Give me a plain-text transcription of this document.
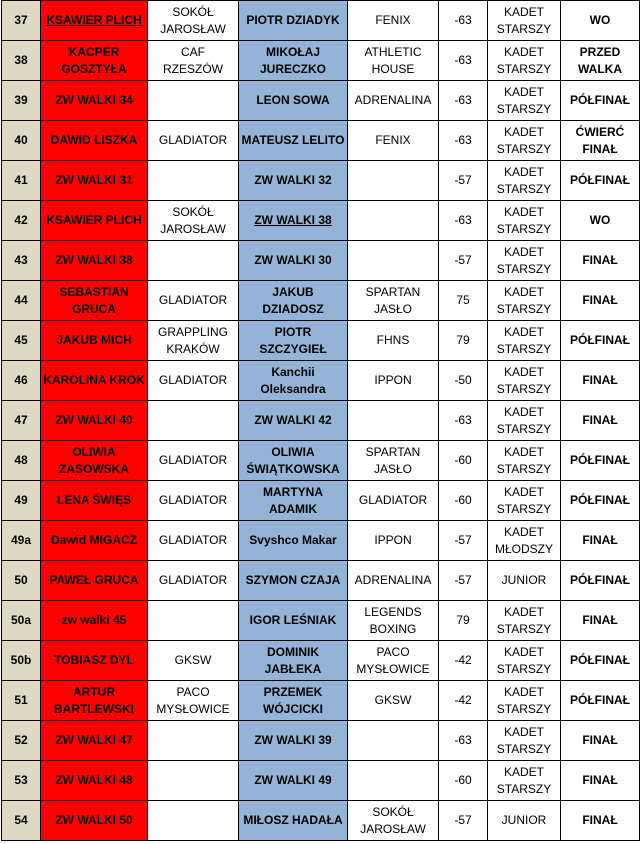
37	KSAWIER PLICH	SOKÓŁ
JAROSŁAW	PIOTR DZIADYK	FENIX	-63	KADET
STARSZY	WO

38	KACPER
GOSZTYŁA	CAF RZESZÓW	MIKOŁAJ
JURECZKO	ATHLETIC
HOUSE	-63	KADET
STARSZY	PRZED
WALKA

39	ZW WALKI 34		LEON SOWA	ADRENALINA	-63	KADET
STARSZY	PÓŁFINAŁ

40	DAWID LISZKA	GLADIATOR	MATEUSZ LELITO	FENIX	-63	KADET
STARSZY	ĆWIERĆ
FINAŁ

41	ZW WALKI 31		ZW WALKI 32		-57	KADET
STARSZY	PÓŁFINAŁ

42	KSAWIER PLICH	SOKÓŁ
JAROSŁAW	ZW WALKI 38		-63	KADET
STARSZY	WO

43	ZW WALKI 38		ZW WALKI 30		-57	KADET
STARSZY	FINAŁ

44	SEBASTIAN
GRUCA	GLADIATOR	JAKUB DZIADOSZ	SPARTAN
JASŁO	75	KADET
STARSZY	FINAŁ

45	JAKUB MICH	GRAPPLING
KRAKÓW	PIOTR SZCZYGIEŁ	FHNS	79	KADET
STARSZY	PÓŁFINAŁ

46	KAROLINA KROK	GLADIATOR	Kanchii
Oleksandra	IPPON	-50	KADET
STARSZY	FINAŁ

47	ZW WALKI 40		ZW WALKI 42		-63	KADET
STARSZY	FINAŁ

48	OLIWIA
ZASOWSKA	GLADIATOR	OLIWIA
ŚWIĄTKOWSKA	SPARTAN
JASŁO	-60	KADET
STARSZY	PÓŁFINAŁ

49	LENA ŚWIĘS	GLADIATOR	MARTYNA
ADAMIK	GLADIATOR	-60	KADET
STARSZY	PÓŁFINAŁ

49a	Dawid MIGACZ	GLADIATOR	Svyshco Makar	IPPON	-57	KADET
MŁODSZY	FINAŁ

50	PAWEŁ GRUCA	GLADIATOR	SZYMON CZAJA	ADRENALINA	-57	JUNIOR	PÓŁFINAŁ

50a	zw walki 45		IGOR LEŚNIAK	LEGENDS
BOXING	79	KADET
STARSZY	FINAŁ

50b	TOBIASZ DYL	GKSW	DOMINIK
JABŁEKA	PACO
MYSŁOWICE	-42	KADET
STARSZY	PÓŁFINAŁ

51	ARTUR
BARTLEWSKI	PACO
MYSŁOWICE	PRZEMEK
WÓJCICKI	GKSW	-42	KADET
STARSZY	PÓŁFINAŁ

52	ZW WALKI 47		ZW WALKI 39		-63	KADET
STARSZY	FINAŁ

53	ZW WALKI 48		ZW WALKI 49		-60	KADET
STARSZY	FINAŁ

54	ZW WALKI 50		MIŁOSZ HADAŁA	SOKÓŁ
JAROSŁAW	-57	JUNIOR	FINAŁ
